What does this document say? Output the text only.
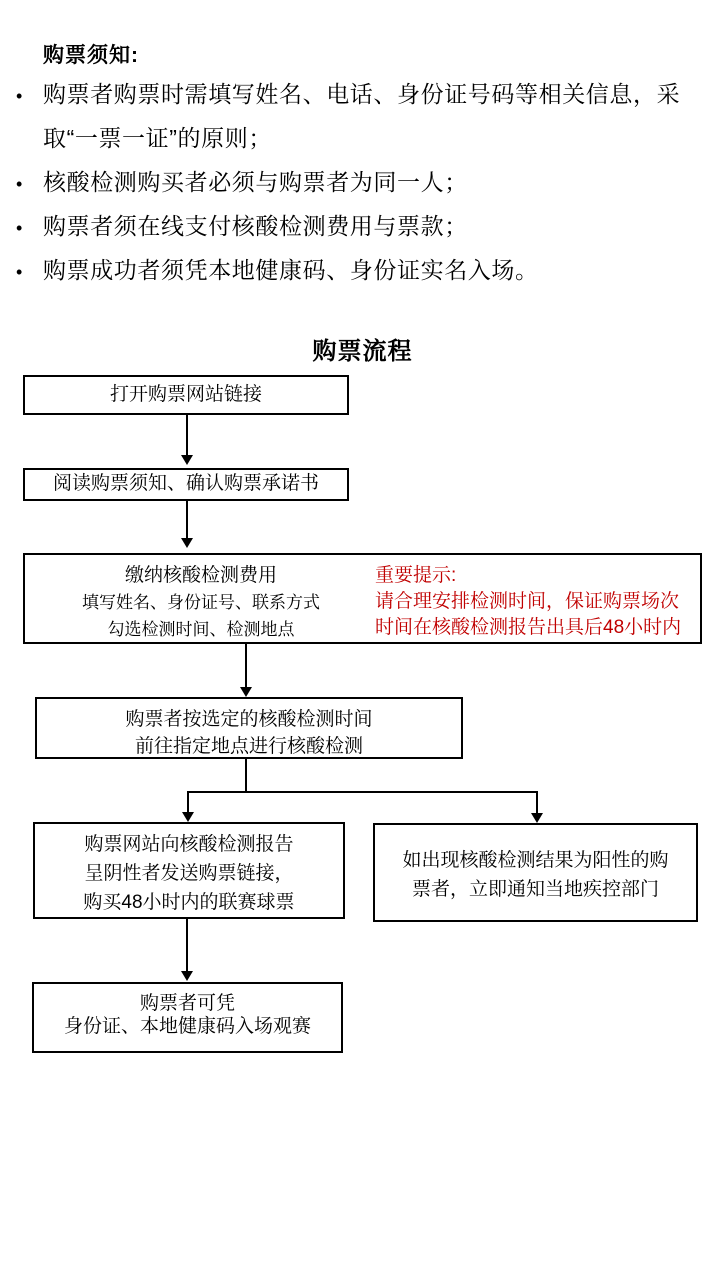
购票须知:
• 购票者购票时需填写姓名、电话、身份证号码等相关信息，采
取“一票一证”的原则；
• 核酸检测购买者必须与购票者为同一人；
• 购票者须在线支付核酸检测费用与票款；
• 购票成功者须凭本地健康码、身份证实名入场。
购票流程
打开购票网站链接
阅读购票须知、确认购票承诺书
缴纳核酸检测费用
填写姓名、身份证号、联系方式
勾选检测时间、检测地点
重要提示:
请合理安排检测时间，保证购票场次
时间在核酸检测报告出具后48小时内
购票者按选定的核酸检测时间
前往指定地点进行核酸检测
购票网站向核酸检测报告
呈阴性者发送购票链接，
购买48小时内的联赛球票
如出现核酸检测结果为阳性的购
票者，立即通知当地疾控部门
购票者可凭
身份证、本地健康码入场观赛
